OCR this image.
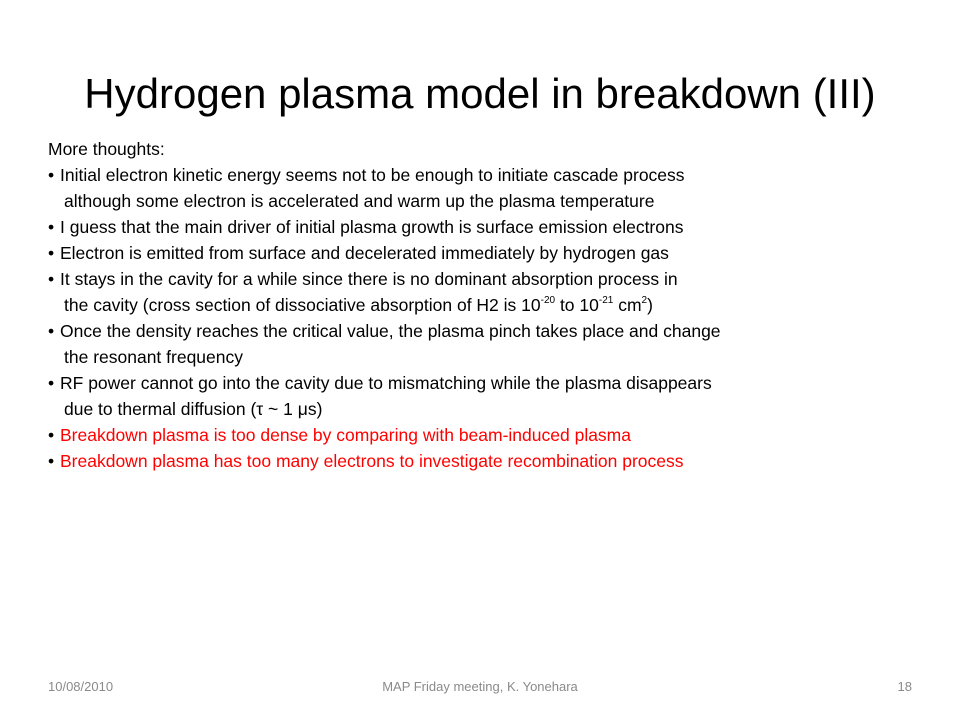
Hydrogen plasma model in breakdown (III)
More thoughts:
• Initial electron kinetic energy seems not to be enough to initiate cascade process
although some electron is accelerated and warm up the plasma temperature
• I guess that the main driver of initial plasma growth is surface emission electrons
• Electron is emitted from surface and decelerated immediately by hydrogen gas
• It stays in the cavity for a while since there is no dominant absorption process in
the cavity (cross section of dissociative absorption of H2 is $10^{-20}$ to $10^{-21}$ $cm^2$)
• Once the density reaches the critical value, the plasma pinch takes place and change
the resonant frequency
• RF power cannot go into the cavity due to mismatching while the plasma disappears
due to thermal diffusion (τ ~ 1 μs)
• Breakdown plasma is too dense by comparing with beam-induced plasma
• Breakdown plasma has too many electrons to investigate recombination process
10/08/2010	MAP Friday meeting, K. Yonehara	18
